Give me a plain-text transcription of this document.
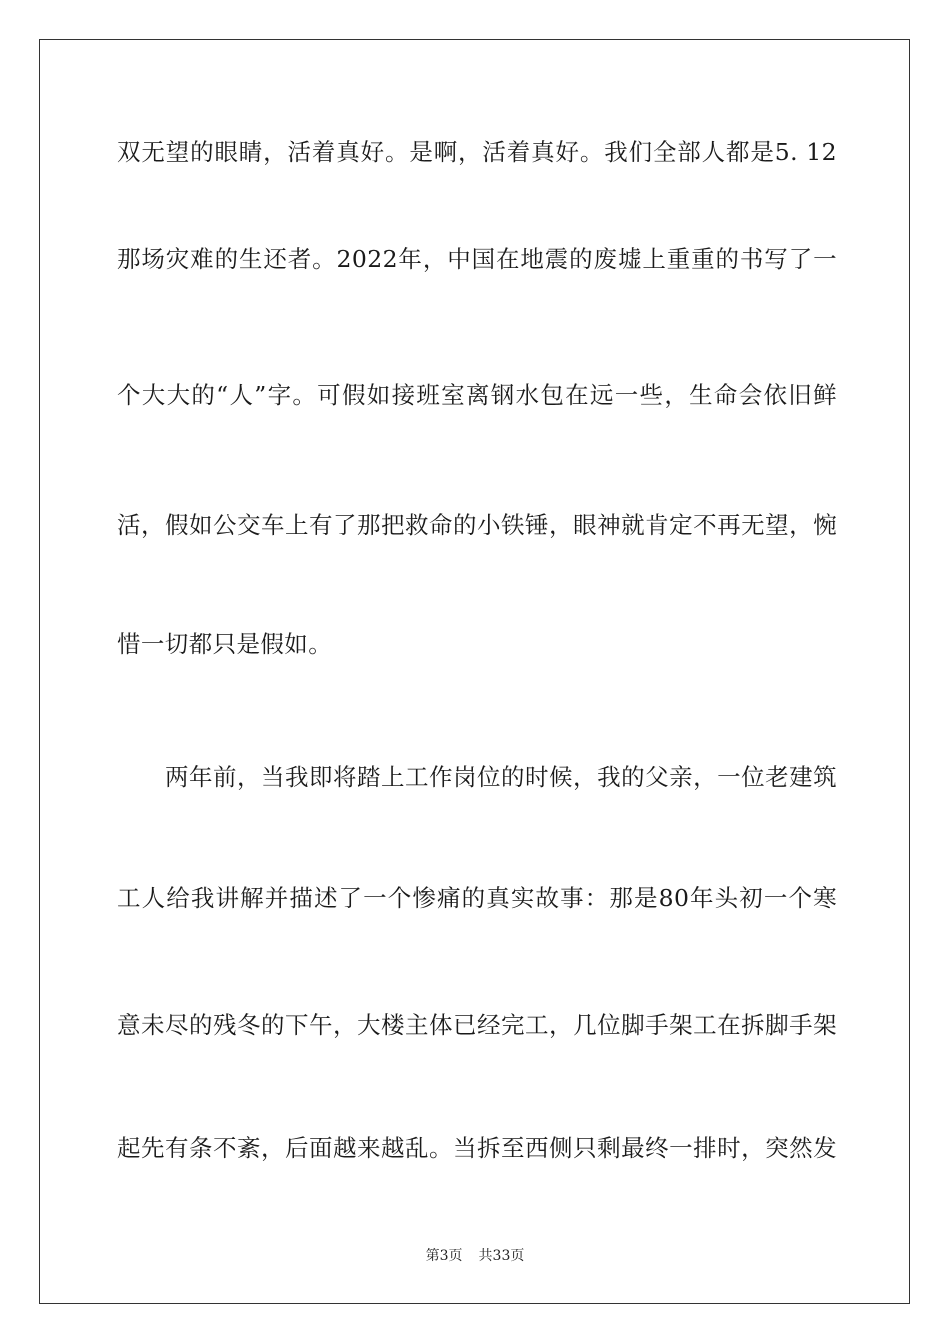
双无望的眼睛，活着真好。是啊，活着真好。我们全部人都是5. 12
那场灾难的生还者。2022年，中国在地震的废墟上重重的书写了一
个大大的“人”字。可假如接班室离钢水包在远一些，生命会依旧鲜
活，假如公交车上有了那把救命的小铁锤，眼神就肯定不再无望，惋
惜一切都只是假如。
两年前，当我即将踏上工作岗位的时候，我的父亲，一位老建筑
工人给我讲解并描述了一个惨痛的真实故事：那是80年头初一个寒
意未尽的残冬的下午，大楼主体已经完工，几位脚手架工在拆脚手架
起先有条不紊，后面越来越乱。当拆至西侧只剩最终一排时，突然发
第3页 共33页
